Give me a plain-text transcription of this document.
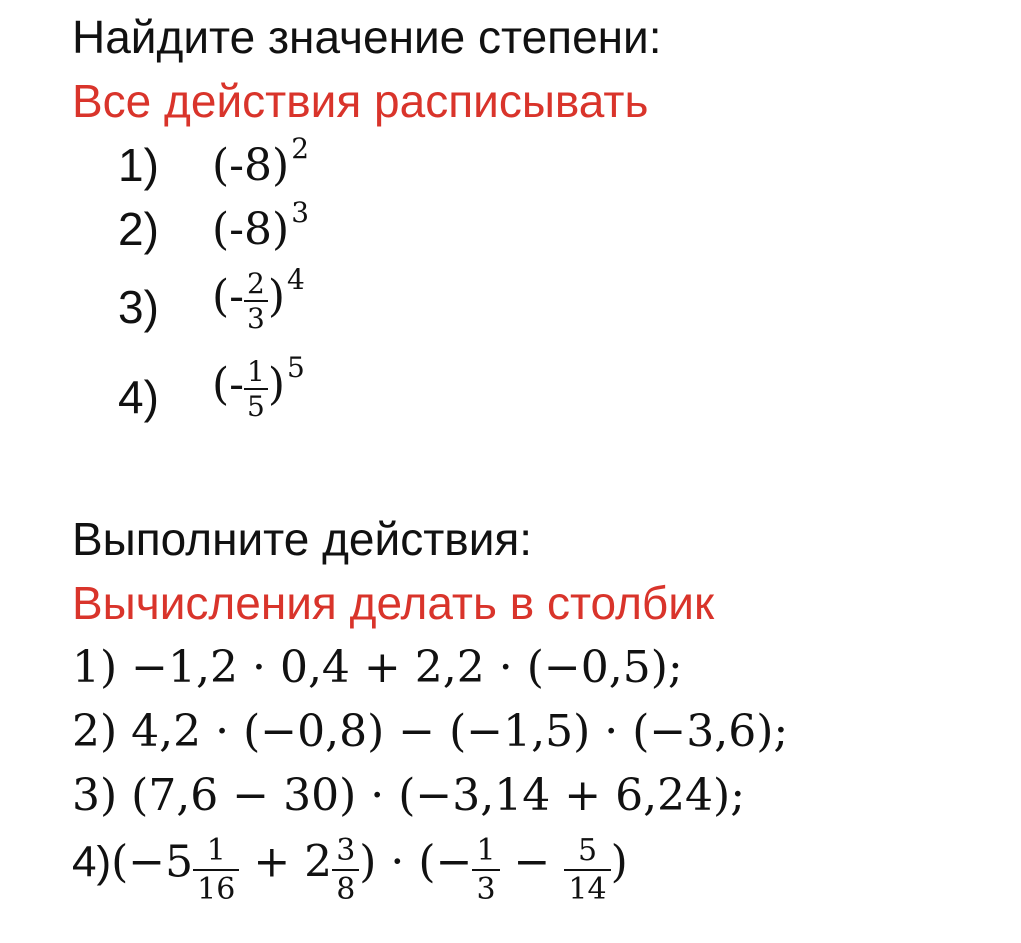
Найдите значение степени:
Все действия расписывать
1) $(-8)^2$
2) $(-8)^3$
3) (- $\frac{2}{3} )^4$
4) (- $\frac{1}{5} )^5$
Выполните действия:
Вычисления делать в столбик
1) −1,2 · 0,4 + 2,2 · (−0,5);
2) 4,2 · (−0,8) − (−1,5) · (−3,6);
3) (7,6 − 30) · (−3,14 + 6,24);
$4)(-5 \frac{1}{16} + 2 \frac{3}{8}$ ) · (− $\frac{1}{3} - \frac{5}{14}$ )
